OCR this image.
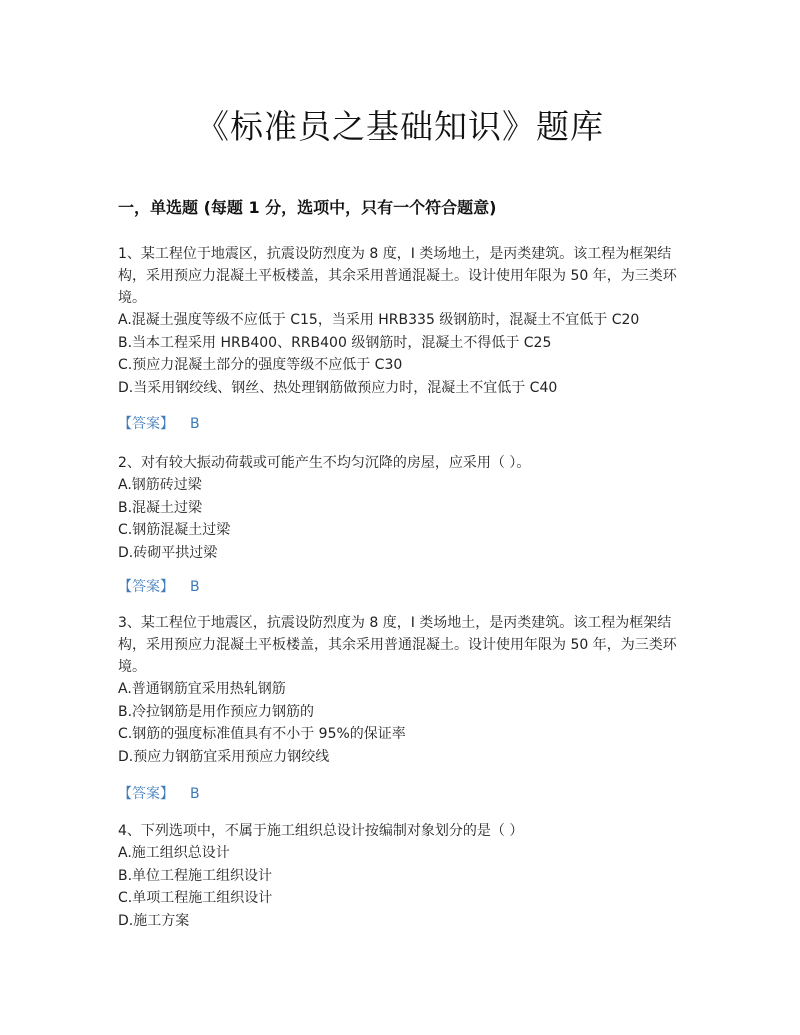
《标准员之基础知识》题库
一，单选题 (每题 1 分，选项中，只有一个符合题意)

1、某工程位于地震区，抗震设防烈度为 8 度，I 类场地土，是丙类建筑。该工程为框架结构，采用预应力混凝土平板楼盖，其余采用普通混凝土。设计使用年限为 50 年，为三类环境。

A.混凝土强度等级不应低于 C15，当采用 HRB335 级钢筋时，混凝土不宜低于 C20

B.当本工程采用 HRB400、RRB400 级钢筋时，混凝土不得低于 C25

C.预应力混凝土部分的强度等级不应低于 C30

D.当采用钢绞线、钢丝、热处理钢筋做预应力时，混凝土不宜低于 C40

【答案】 B

2、对有较大振动荷载或可能产生不均匀沉降的房屋，应采用（ ）。

A.钢筋砖过梁

B.混凝土过梁

C.钢筋混凝土过梁

D.砖砌平拱过梁

【答案】 B

3、某工程位于地震区，抗震设防烈度为 8 度，I 类场地土，是丙类建筑。该工程为框架结构，采用预应力混凝土平板楼盖，其余采用普通混凝土。设计使用年限为 50 年，为三类环境。

A.普通钢筋宜采用热轧钢筋

B.冷拉钢筋是用作预应力钢筋的

C.钢筋的强度标准值具有不小于 95%的保证率

D.预应力钢筋宜采用预应力钢绞线

【答案】 B

4、下列选项中，不属于施工组织总设计按编制对象划分的是（ ）

A.施工组织总设计

B.单位工程施工组织设计

C.单项工程施工组织设计

D.施工方案
